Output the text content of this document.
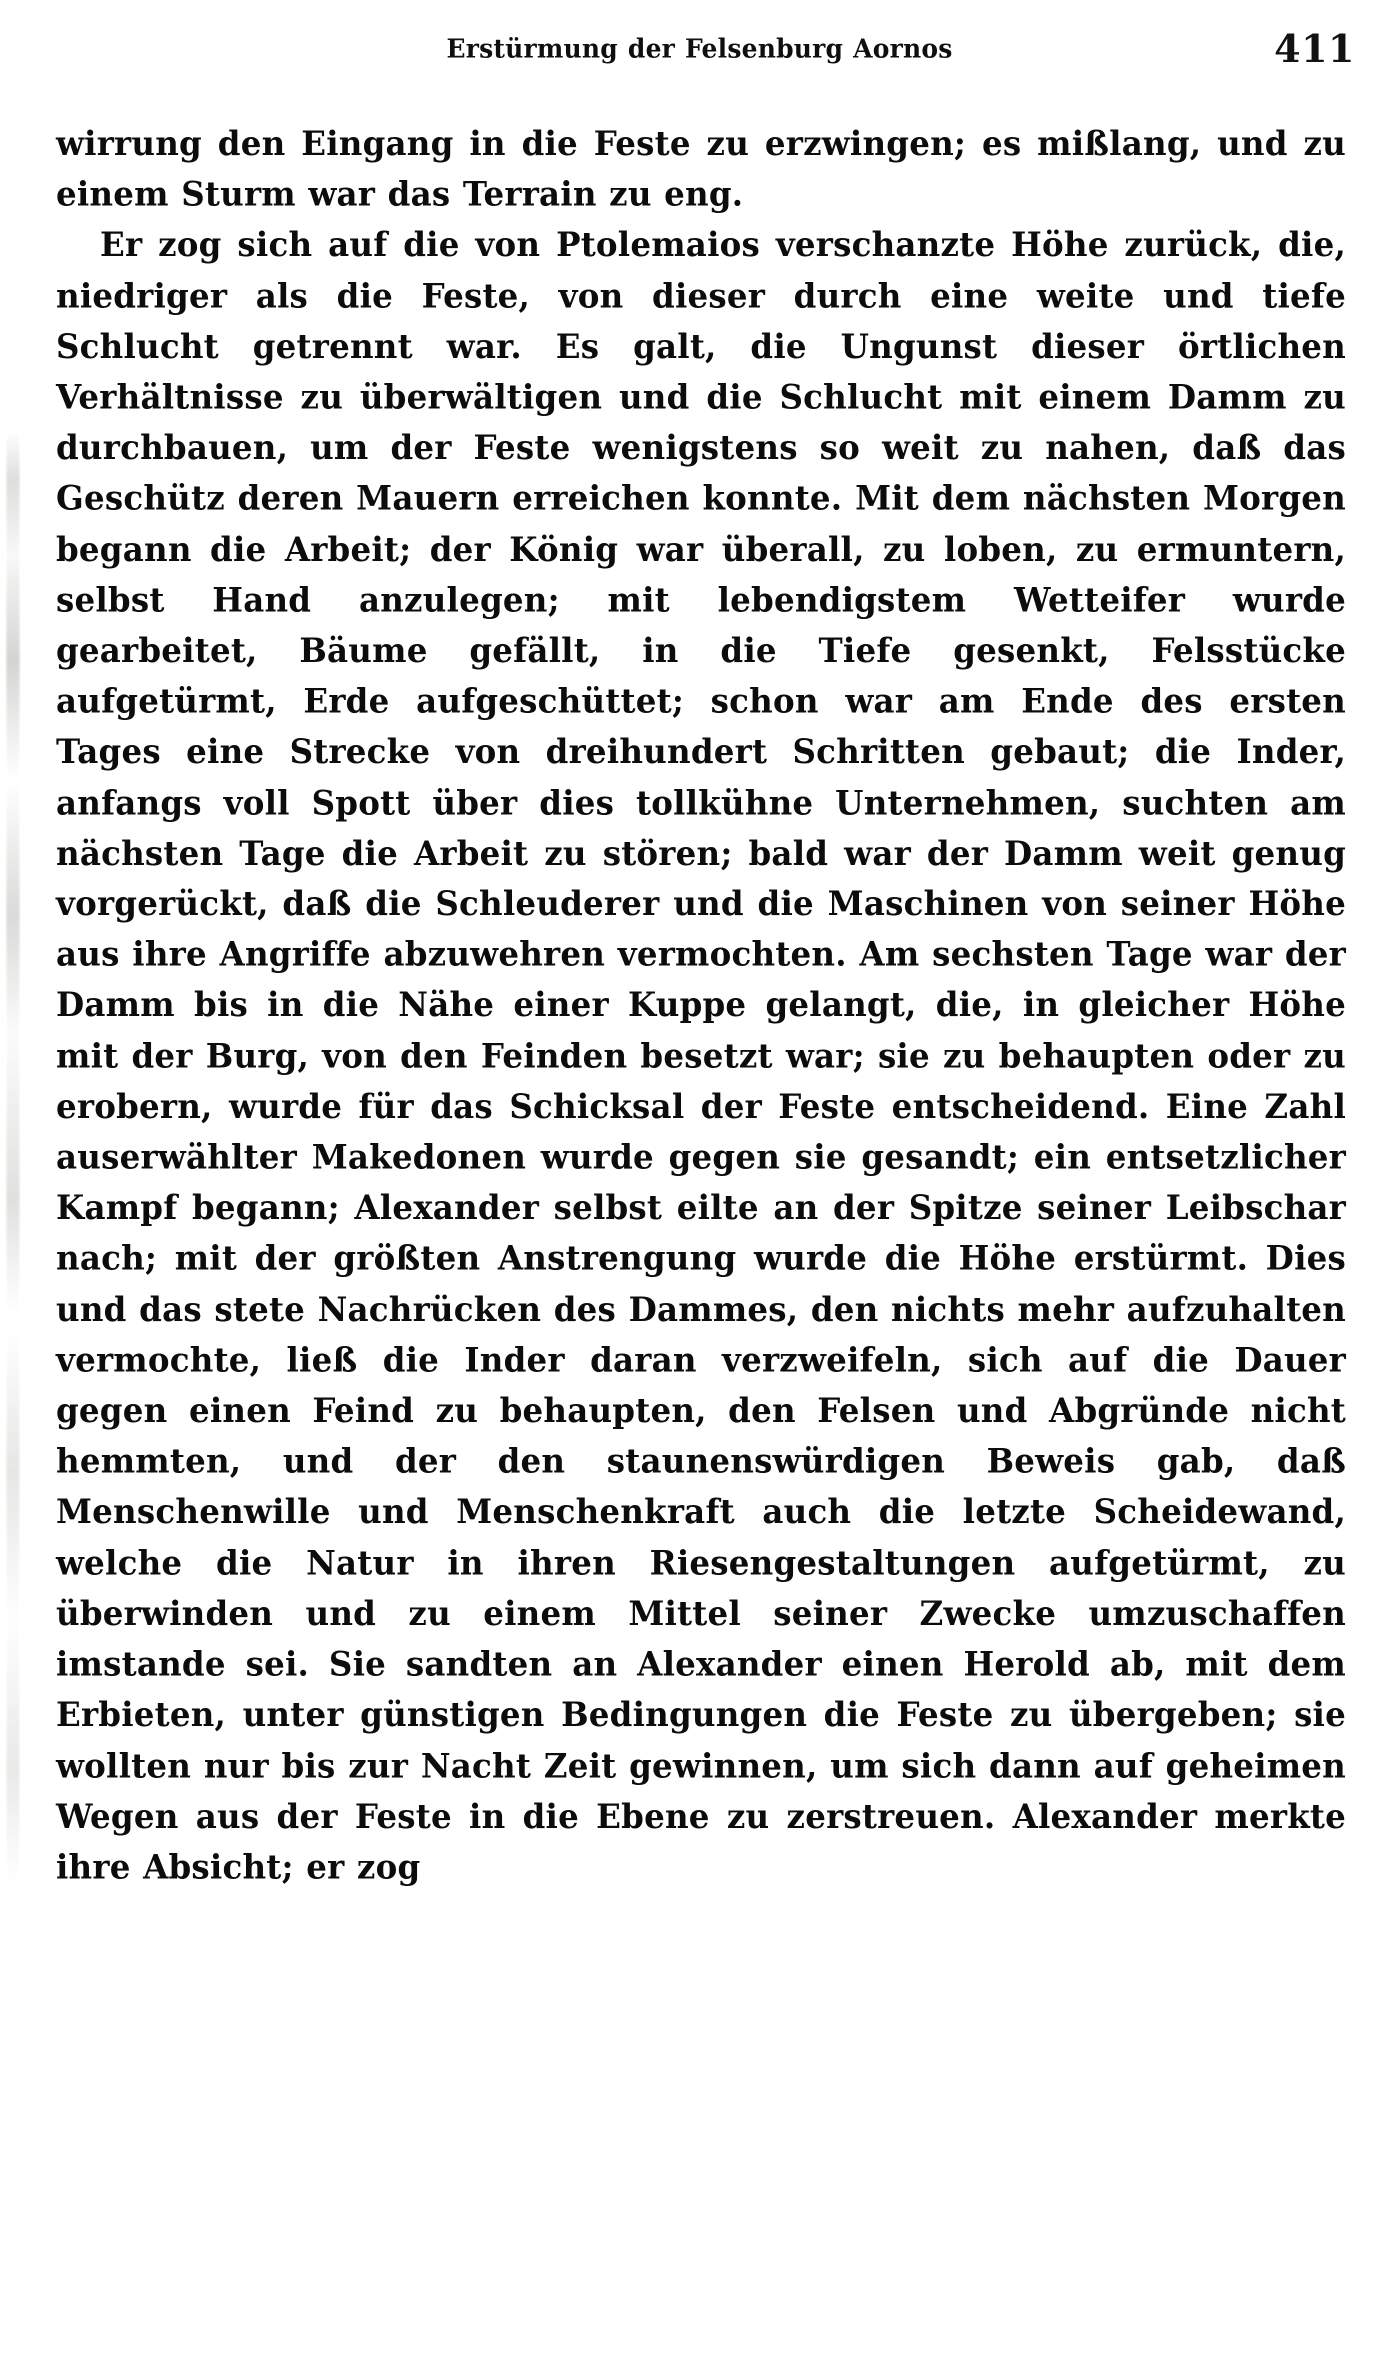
Erstürmung der Felsenburg Aornos	411

wirrung den Eingang in die Feste zu erzwingen; es mißlang, und zu einem Sturm war das Terrain zu eng.

Er zog sich auf die von Ptolemaios verschanzte Höhe zurück, die, niedriger als die Feste, von dieser durch eine weite und tiefe Schlucht getrennt war. Es galt, die Ungunst dieser örtlichen Verhältnisse zu überwältigen und die Schlucht mit einem Damm zu durchbauen, um der Feste wenigstens so weit zu nahen, daß das Geschütz deren Mauern erreichen konnte. Mit dem nächsten Morgen begann die Arbeit; der König war überall, zu loben, zu ermuntern, selbst Hand anzulegen; mit lebendigstem Wetteifer wurde gearbeitet, Bäume gefällt, in die Tiefe gesenkt, Felsstücke aufgetürmt, Erde aufgeschüttet; schon war am Ende des ersten Tages eine Strecke von dreihundert Schritten gebaut; die Inder, anfangs voll Spott über dies tollkühne Unternehmen, suchten am nächsten Tage die Arbeit zu stören; bald war der Damm weit genug vorgerückt, daß die Schleuderer und die Maschinen von seiner Höhe aus ihre Angriffe abzuwehren vermochten. Am sechsten Tage war der Damm bis in die Nähe einer Kuppe gelangt, die, in gleicher Höhe mit der Burg, von den Feinden besetzt war; sie zu behaupten oder zu erobern, wurde für das Schicksal der Feste entscheidend. Eine Zahl auserwählter Makedonen wurde gegen sie gesandt; ein entsetzlicher Kampf begann; Alexander selbst eilte an der Spitze seiner Leibschar nach; mit der größten Anstrengung wurde die Höhe erstürmt. Dies und das stete Nachrücken des Dammes, den nichts mehr aufzuhalten vermochte, ließ die Inder daran verzweifeln, sich auf die Dauer gegen einen Feind zu behaupten, den Felsen und Abgründe nicht hemmten, und der den staunenswürdigen Beweis gab, daß Menschenwille und Menschenkraft auch die letzte Scheidewand, welche die Natur in ihren Riesengestaltungen aufgetürmt, zu überwinden und zu einem Mittel seiner Zwecke umzuschaffen imstande sei. Sie sandten an Alexander einen Herold ab, mit dem Erbieten, unter günstigen Bedingungen die Feste zu übergeben; sie wollten nur bis zur Nacht Zeit gewinnen, um sich dann auf geheimen Wegen aus der Feste in die Ebene zu zerstreuen. Alexander merkte ihre Absicht; er zog
